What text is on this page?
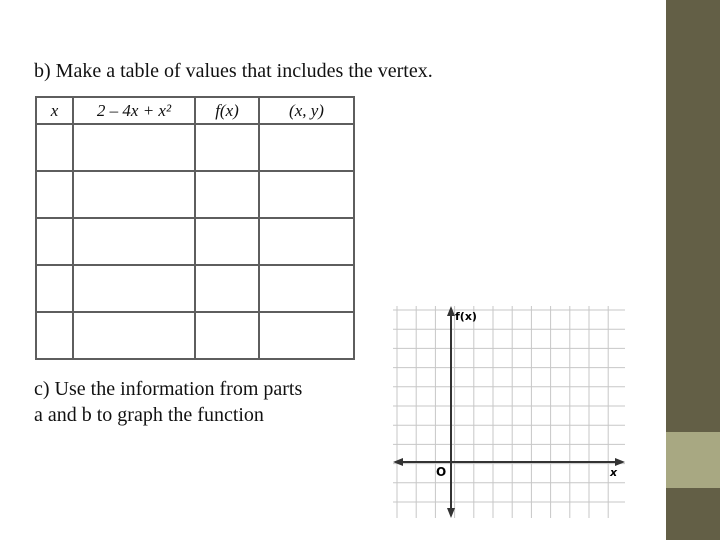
b) Make a table of values that includes the vertex.
x	2 – 4x + x²	f(x)	(x, y)

c) Use the information from parts
a and b to graph the function
f(x)
x
O
